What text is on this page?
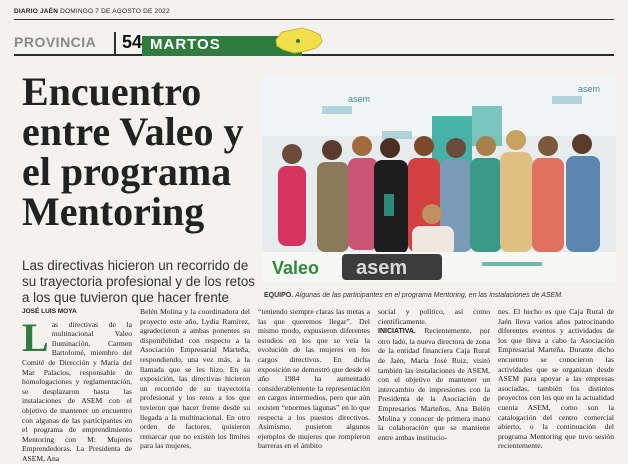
DIARIO JAÉN DOMINGO 7 DE AGOSTO DE 2022
PROVINCIA	54 MARTOS
Encuentro entre Valeo y el programa Mentoring
Las directivas hicieron un recorrido de su trayectoria profesional y de los retos a los que tuvieron que hacer frente
asem
asem
Valeo asem
EQUIPO. Algunas de las participantes en el programa Mentoring, en las instalaciones de ASEM.
JOSÉ LUIS MOYA
L as directivas de la multinacional Valeo Iluminación, Carmen Bartolomé, miembro del Comité de Dirección y María del Mar Palacios, responsable de homologaciones y reglamentación, se desplazaron hasta las instalaciones de ASEM con el objetivo de mantener un encuentro con algunas de las participantes en el programa de emprendimiento Mentoring con M: Mujeres Emprendedoras. La Presidenta de ASEM, Ana
Belén Molina y la coordinadora del proyecto este año, Lydia Ramírez, agradecieron a ambas ponentes su disponibilidad con respecto a la Asociación Empresarial Marteña, respondiendo, una vez más, a la llamada que se les hizo. En su exposición, las directivas hicieron un recorrido de su trayectoria profesional y los retos a los que tuvieron que hacer frente desde su llegada a la multinacional. En otro orden de factores, quisieron remarcar que no existen los límites para las mujeres,
“teniendo siempre claras las metas a las que queremos llegar”. Del mismo modo, expusieron diferentes estudios en los que se veía la evolución de las mujeres en los cargos directivos. En dicha exposición se demostró que desde el año 1984 ha aumentado considerablemente la representación en cargos intermedios, pero que aún existen “enormes lagunas” en lo que respecta a los puestos directivos. Asimismo, pusieron algunos ejemplos de mujeres que rompieron barreras en el ámbito
social y político, así como científicamente.
INICIATIVA. Recientemente, por otro lado, la nueva directora de zona de la entidad financiera Caja Rural de Jaén, María José Ruiz, visitó también las instalaciones de ASEM, con el objetivo de mantener un intercambio de impresiones con la Presidenta de la Asociación de Empresarios Marteños, Ana Belén Molina y conocer de primera mano la colaboración que se mantiene entre ambas institucio-
nes. El hecho es que Caja Rural de Jaén lleva varios años patrocinando diferentes eventos y actividades de los que lleva a cabo la Asociación Empresarial Marteña. Durante dicho encuentro se conocieron las actividades que se organizan desde ASEM para apoyar a las empresas asociadas, también los distintos proyectos con los que en la actualidad cuenta ASEM, como son la catalogación del centro comercial abierto, o la continuación del programa Mentoring que tuvo sesión recientemente.
